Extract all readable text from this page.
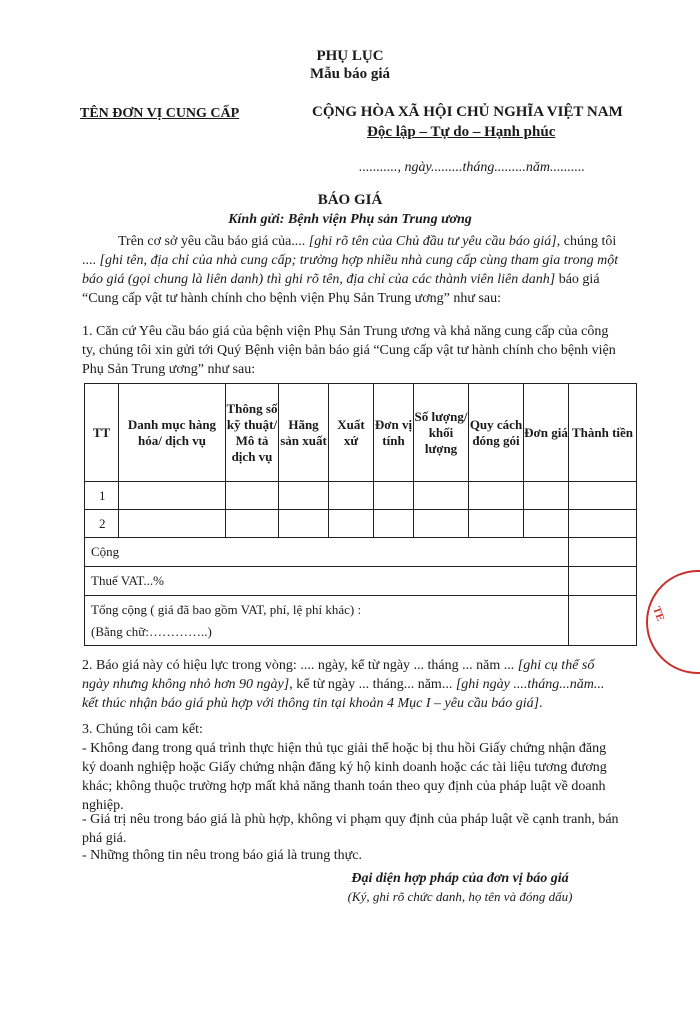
PHỤ LỤC
Mẫu báo giá
TÊN ĐƠN VỊ CUNG CẤP	CỘNG HÒA XÃ HỘI CHỦ NGHĨA VIỆT NAM
Độc lập – Tự do – Hạnh phúc
..........., ngày.........tháng.........năm..........
BÁO GIÁ
Kính gửi: Bệnh viện Phụ sản Trung ương
Trên cơ sở yêu cầu báo giá của.... [ghi rõ tên của Chủ đầu tư yêu cầu báo giá], chúng tôi .... [ghi tên, địa chỉ của nhà cung cấp; trường hợp nhiều nhà cung cấp cùng tham gia trong một báo giá (gọi chung là liên danh) thì ghi rõ tên, địa chỉ của các thành viên liên danh] báo giá “Cung cấp vật tư hành chính cho bệnh viện Phụ Sản Trung ương” như sau:
1. Căn cứ Yêu cầu báo giá của bệnh viện Phụ Sản Trung ương và khả năng cung cấp của công ty, chúng tôi xin gửi tới Quý Bệnh viện bản báo giá “Cung cấp vật tư hành chính cho bệnh viện Phụ Sản Trung ương” như sau:
TT	Danh mục hàng hóa/ dịch vụ	Thông số kỹ thuật/ Mô tả dịch vụ	Hãng sản xuất	Xuất xứ	Đơn vị tính	Số lượng/ khối lượng	Quy cách đóng gói	Đơn giá	Thành tiền
1									
2									
Cộng									
Thuế VAT...%									

Tổng cộng ( giá đã bao gồm VAT, phí, lệ phí khác) :
(Bằng chữ:…………..)									

TE
2. Báo giá này có hiệu lực trong vòng: .... ngày, kể từ ngày ... tháng ... năm ... [ghi cụ thể số ngày nhưng không nhỏ hơn 90 ngày], kể từ ngày ... tháng... năm... [ghi ngày ....tháng...năm... kết thúc nhận báo giá phù hợp với thông tin tại khoản 4 Mục I – yêu cầu báo giá].
3. Chúng tôi cam kết:
- Không đang trong quá trình thực hiện thủ tục giải thể hoặc bị thu hồi Giấy chứng nhận đăng ký doanh nghiệp hoặc Giấy chứng nhận đăng ký hộ kinh doanh hoặc các tài liệu tương đương khác; không thuộc trường hợp mất khả năng thanh toán theo quy định của pháp luật về doanh nghiệp.
- Giá trị nêu trong báo giá là phù hợp, không vi phạm quy định của pháp luật về cạnh tranh, bán phá giá.
- Những thông tin nêu trong báo giá là trung thực.
Đại diện hợp pháp của đơn vị báo giá
(Ký, ghi rõ chức danh, họ tên và đóng dấu)
